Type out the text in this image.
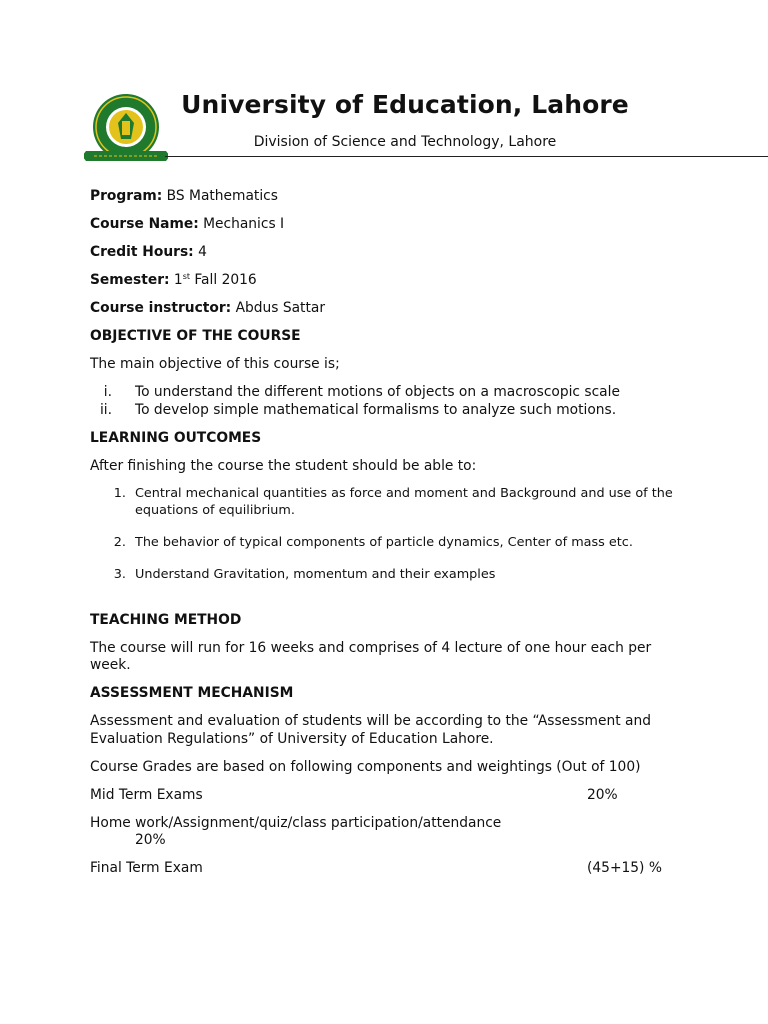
University of Education, Lahore
Division of Science and Technology, Lahore
Program: BS Mathematics
Course Name: Mechanics I
Credit Hours: 4
Semester: 1st Fall 2016
Course instructor: Abdus Sattar
OBJECTIVE OF THE COURSE

The main objective of this course is;

i. To understand the different motions of objects on a macroscopic scale
ii. To develop simple mathematical formalisms to analyze such motions.
LEARNING OUTCOMES

After finishing the course the student should be able to:

1. Central mechanical quantities as force and moment and Background and use of the equations of equilibrium.
2. The behavior of typical components of particle dynamics, Center of mass etc.
3. Understand Gravitation, momentum and their examples
TEACHING METHOD

The course will run for 16 weeks and comprises of 4 lecture of one hour each per week.

ASSESSMENT MECHANISM

Assessment and evaluation of students will be according to the “Assessment and Evaluation Regulations” of University of Education Lahore.

Course Grades are based on following components and weightings (Out of 100)

Mid Term Exams	20%
Home work/Assignment/quiz/class participation/attendance
20%
Final Term Exam	(45+15) %
